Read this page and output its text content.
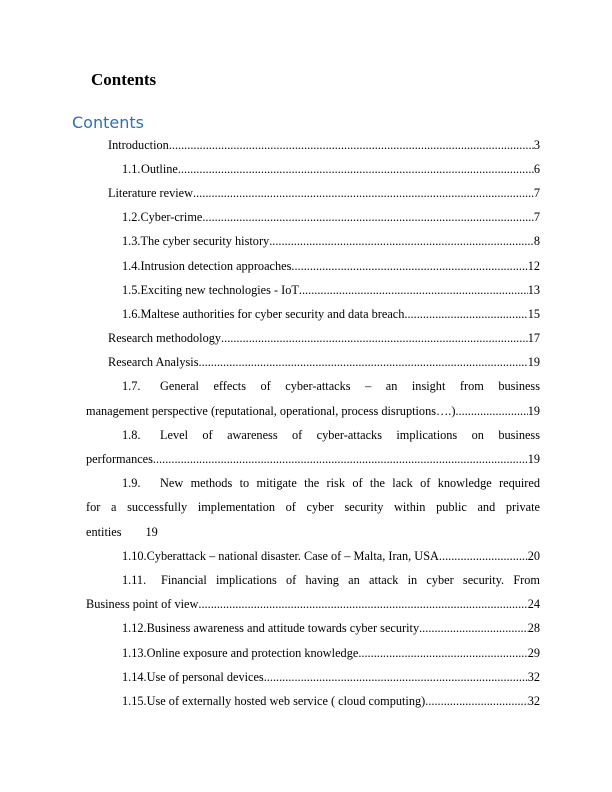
Contents
Contents
Introduction .....	3
1.1. Outline .....	6
Literature review .....	7
1.2. Cyber-crime .....	7
1.3. The cyber security history .....	8
1.4. Intrusion detection approaches .....	12
1.5. Exciting new technologies - IoT .....	13
1.6. Maltese authorities for cyber security and data breach .....	15
Research methodology .....	17
Research Analysis .....	19
1.7.	General effects of cyber-attacks – an insight from business
management perspective (reputational, operational, process disruptions….) .....	19
1.8.	Level of awareness of cyber-attacks implications on business
performances .....	19
1.9.	New methods to mitigate the risk of the lack of knowledge required
for a successfully implementation of cyber security within public and private
entities 19
1.10. Cyberattack – national disaster. Case of – Malta, Iran, USA .....	20
1.11.	Financial implications of having an attack in cyber security. From
Business point of view .....	24
1.12. Business awareness and attitude towards cyber security .....	28
1.13. Online exposure and protection knowledge .....	29
1.14. Use of personal devices .....	32
1.15. Use of externally hosted web service ( cloud computing) .....	32
